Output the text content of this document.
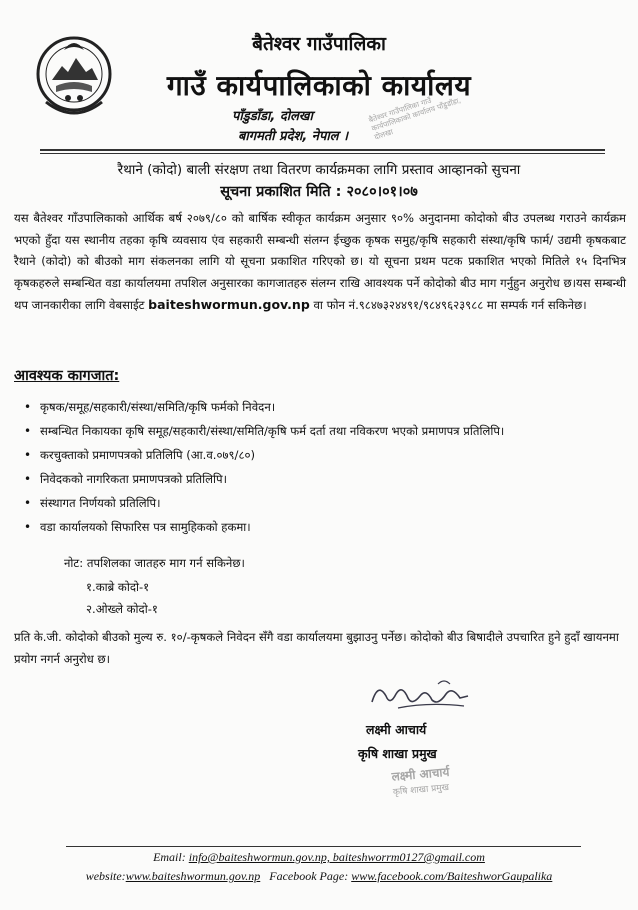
बैतेश्वर गाउँपालिका
गाउँ कार्यपालिकाको कार्यालय
पाँडुडाँडा, दोलखा
बागमती प्रदेश, नेपाल ।
बैतेश्वर गाउँपालिका गाउँ कार्यपालिकाको कार्यालय पाँडुडाँडा, दोलखा
रैथाने (कोदो) बाली संरक्षण तथा वितरण कार्यक्रमका लागि प्रस्ताव आव्हानको सुचना
सूचना प्रकाशित मिति : २०८०।०१।०७
यस बैतेश्वर गाँउपालिकाको आर्थिक बर्ष २०७९/८० को बार्षिक स्वीकृत कार्यक्रम अनुसार ९०% अनुदानमा कोदोको बीउ उपलब्ध गराउने कार्यक्रम भएको हुँदा यस स्थानीय तहका कृषि व्यवसाय एंव सहकारी सम्बन्धी संलग्न ईच्छुक कृषक समुह/कृषि सहकारी संस्था/कृषि फार्म/ उद्यमी कृषकबाट रैथाने (कोदो) को बीउको माग संकलनका लागि यो सूचना प्रकाशित गरिएको छ। यो सूचना प्रथम पटक प्रकाशित भएको मितिले १५ दिनभित्र कृषकहरुले सम्बन्धित वडा कार्यालयमा तपशिल अनुसारका कागजातहरु संलग्न राखि आवश्यक पर्ने कोदोको बीउ माग गर्नुहुन अनुरोध छ।यस सम्बन्धी थप जानकारीका लागि वेबसाईट baiteshwormun.gov.np वा फोन नं.९८४७३२४४९१/९८४९६२३९८८ मा सम्पर्क गर्न सकिनेछ।
आवश्यक कागजात:
• कृषक/समूह/सहकारी/संस्था/समिति/कृषि फर्मको निवेदन।
• सम्बन्धित निकायका कृषि समूह/सहकारी/संस्था/समिति/कृषि फर्म दर्ता तथा नविकरण भएको प्रमाणपत्र प्रतिलिपि।
• करचुक्ताको प्रमाणपत्रको प्रतिलिपि (आ.व.०७९/८०)
• निवेदकको नागरिकता प्रमाणपत्रको प्रतिलिपि।
• संस्थागत निर्णयको प्रतिलिपि।
• वडा कार्यालयको सिफारिस पत्र सामुहिकको हकमा।
नोट: तपशिलका जातहरु माग गर्न सकिनेछ।
१.काब्रे कोदो-१
२.ओख्ले कोदो-१
प्रति के.जी. कोदोको बीउको मुल्य रु. १०/-कृषकले निवेदन सँगै वडा कार्यालयमा बुझाउनु पर्नेछ। कोदोको बीउ बिषादीले उपचारित हुने हुदाँ खायनमा प्रयोग नगर्न अनुरोध छ।
लक्ष्मी आचार्य
कृषि शाखा प्रमुख
लक्ष्मी आचार्य
कृषि शाखा प्रमुख
Email: info@baiteshwormun.gov.np, baiteshworrm0127@gmail.com
website:www.baiteshwormun.gov.np Facebook Page: www.facebook.com/BaiteshworGaupalika
